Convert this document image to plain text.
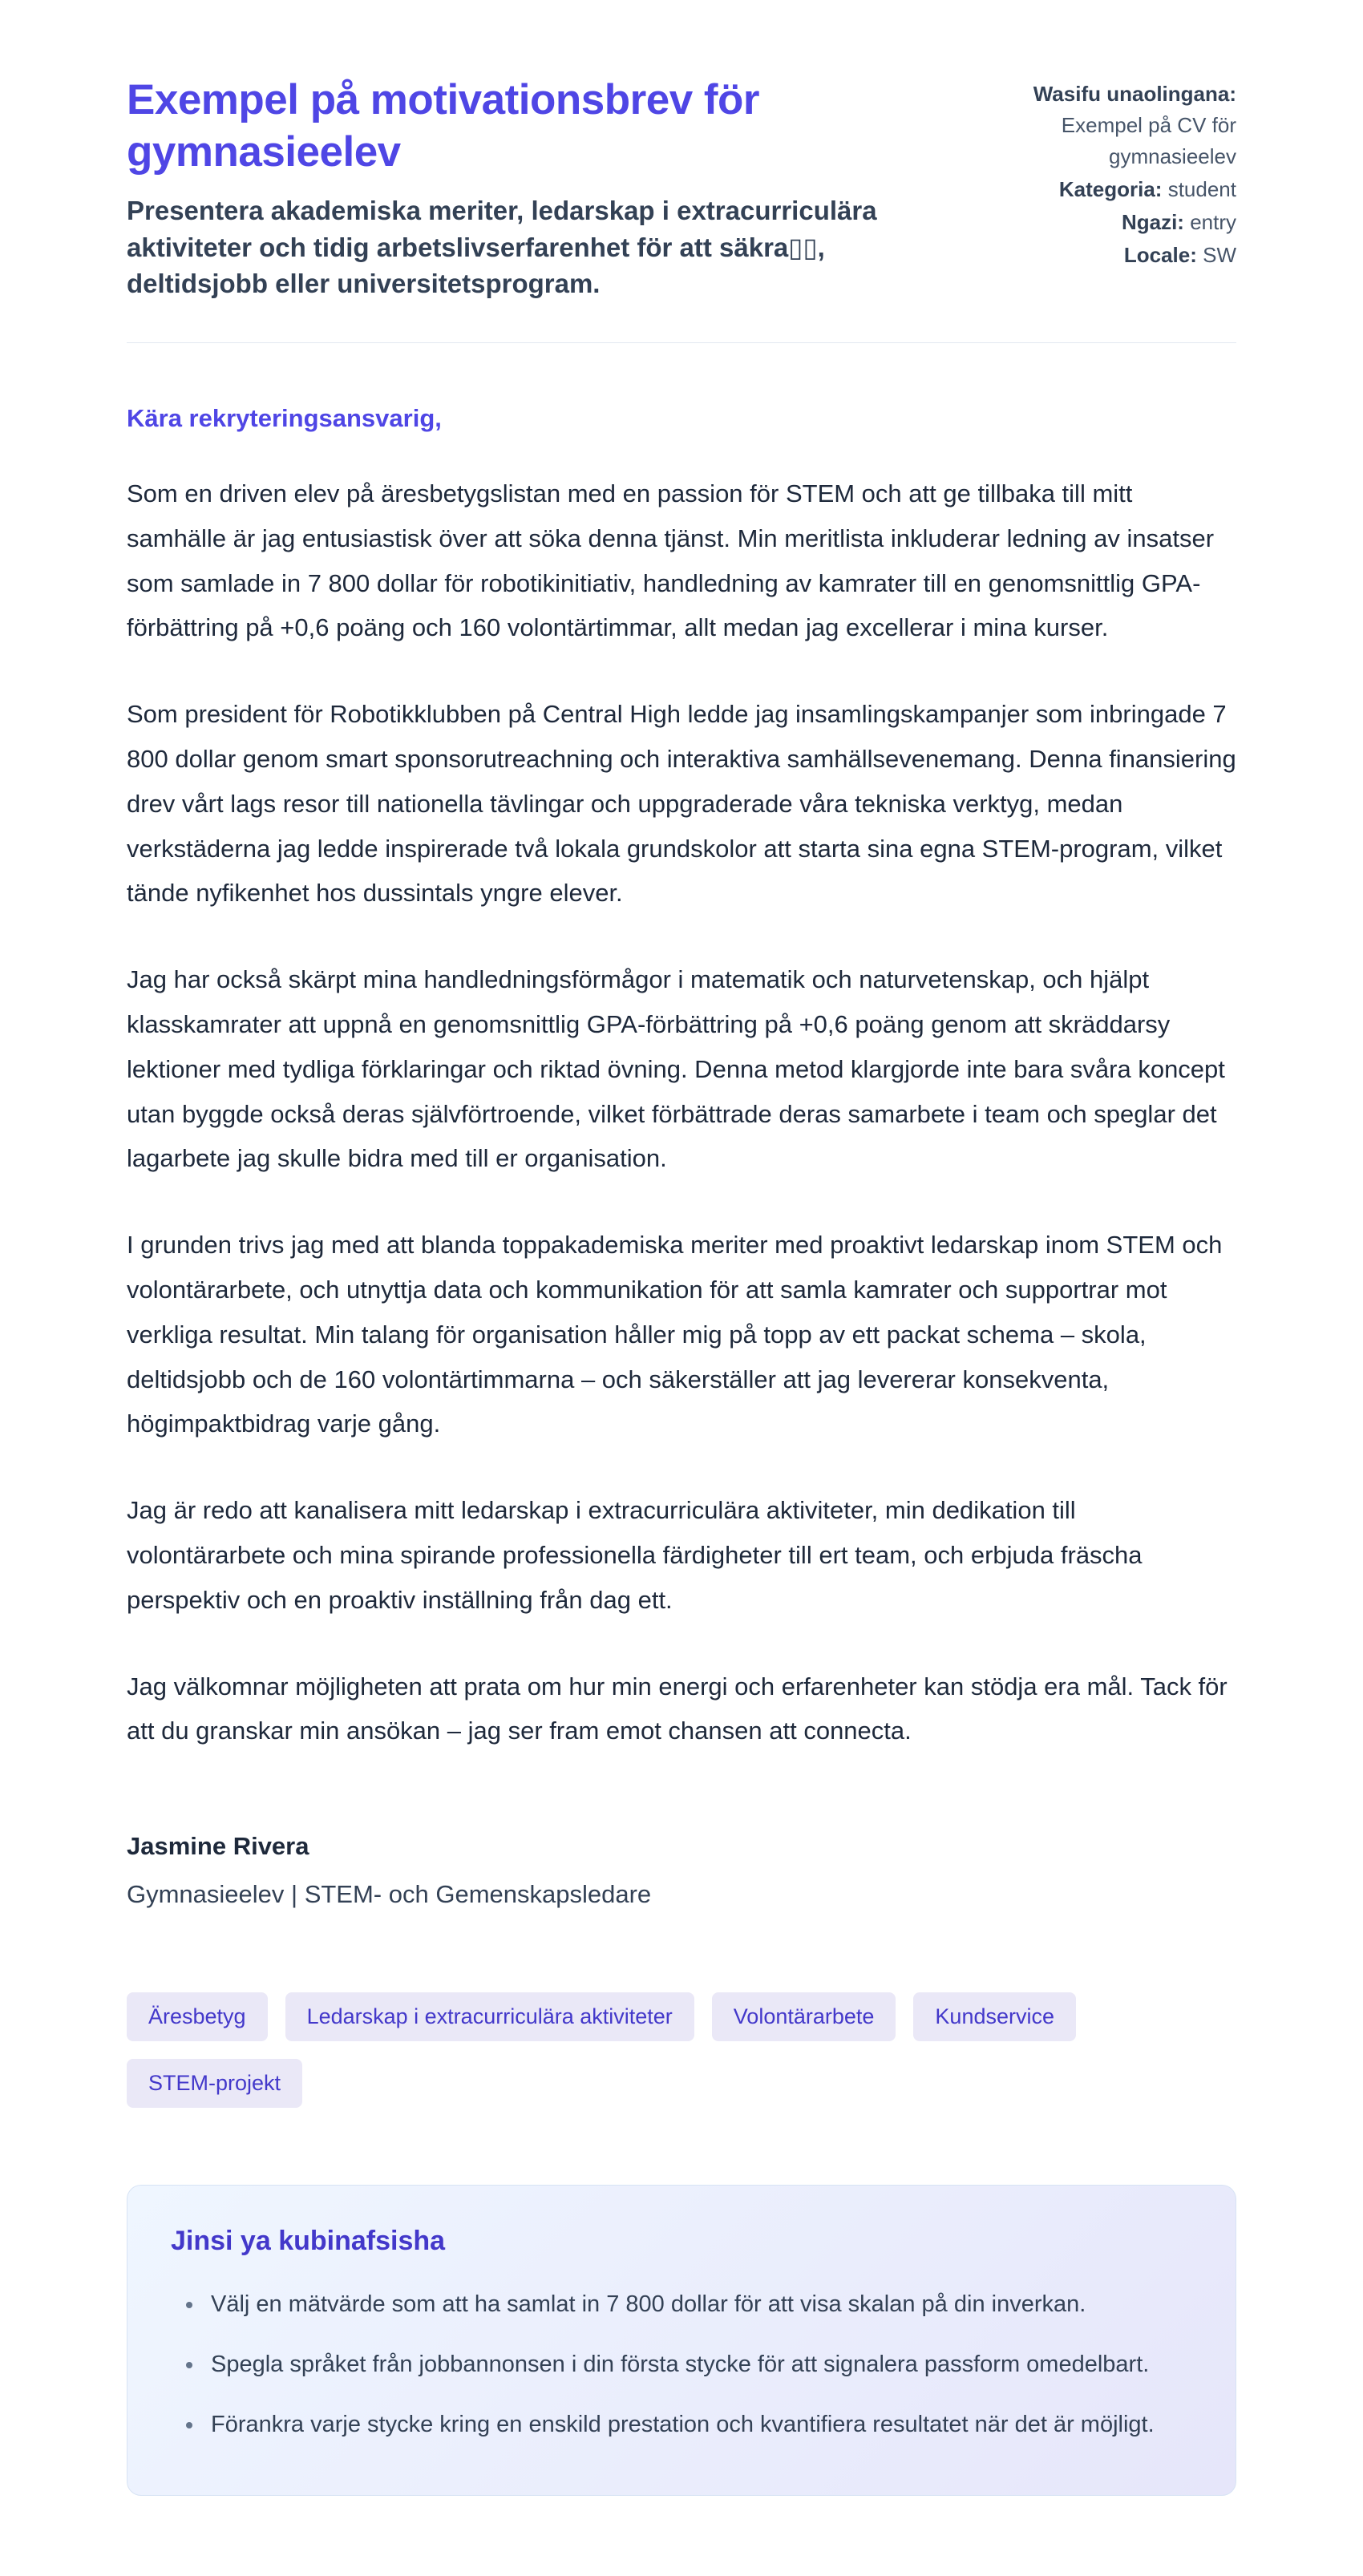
Exempel på motivationsbrev för gymnasieelev

Presentera akademiska meriter, ledarskap i extracurriculära aktiviteter och tidig arbetslivserfarenhet för att säkra▯▯, deltidsjobb eller universitetsprogram.

Wasifu unaolingana: Exempel på CV för gymnasieelev
Kategoria: student
Ngazi: entry
Locale: SW

Kära rekryteringsansvarig,

Som en driven elev på äresbetygslistan med en passion för STEM och att ge tillbaka till mitt samhälle är jag entusiastisk över att söka denna tjänst. Min meritlista inkluderar ledning av insatser som samlade in 7 800 dollar för robotikinitiativ, handledning av kamrater till en genomsnittlig GPA-förbättring på +0,6 poäng och 160 volontärtimmar, allt medan jag excellerar i mina kurser.

Som president för Robotikklubben på Central High ledde jag insamlingskampanjer som inbringade 7 800 dollar genom smart sponsorutreachning och interaktiva samhällsevenemang. Denna finansiering drev vårt lags resor till nationella tävlingar och uppgraderade våra tekniska verktyg, medan verkstäderna jag ledde inspirerade två lokala grundskolor att starta sina egna STEM-program, vilket tände nyfikenhet hos dussintals yngre elever.

Jag har också skärpt mina handledningsförmågor i matematik och naturvetenskap, och hjälpt klasskamrater att uppnå en genomsnittlig GPA-förbättring på +0,6 poäng genom att skräddarsy lektioner med tydliga förklaringar och riktad övning. Denna metod klargjorde inte bara svåra koncept utan byggde också deras självförtroende, vilket förbättrade deras samarbete i team och speglar det lagarbete jag skulle bidra med till er organisation.

I grunden trivs jag med att blanda toppakademiska meriter med proaktivt ledarskap inom STEM och volontärarbete, och utnyttja data och kommunikation för att samla kamrater och supportrar mot verkliga resultat. Min talang för organisation håller mig på topp av ett packat schema – skola, deltidsjobb och de 160 volontärtimmarna – och säkerställer att jag levererar konsekventa, högimpaktbidrag varje gång.

Jag är redo att kanalisera mitt ledarskap i extracurriculära aktiviteter, min dedikation till volontärarbete och mina spirande professionella färdigheter till ert team, och erbjuda fräscha perspektiv och en proaktiv inställning från dag ett.

Jag välkomnar möjligheten att prata om hur min energi och erfarenheter kan stödja era mål. Tack för att du granskar min ansökan – jag ser fram emot chansen att connecta.

Jasmine Rivera

Gymnasieelev | STEM- och Gemenskapsledare

Äresbetyg	Ledarskap i extracurriculära aktiviteter	Volontärarbete	Kundservice
STEM-projekt
Jinsi ya kubinafsisha
• Välj en mätvärde som att ha samlat in 7 800 dollar för att visa skalan på din inverkan.
• Spegla språket från jobbannonsen i din första stycke för att signalera passform omedelbart.
• Förankra varje stycke kring en enskild prestation och kvantifiera resultatet när det är möjligt.
